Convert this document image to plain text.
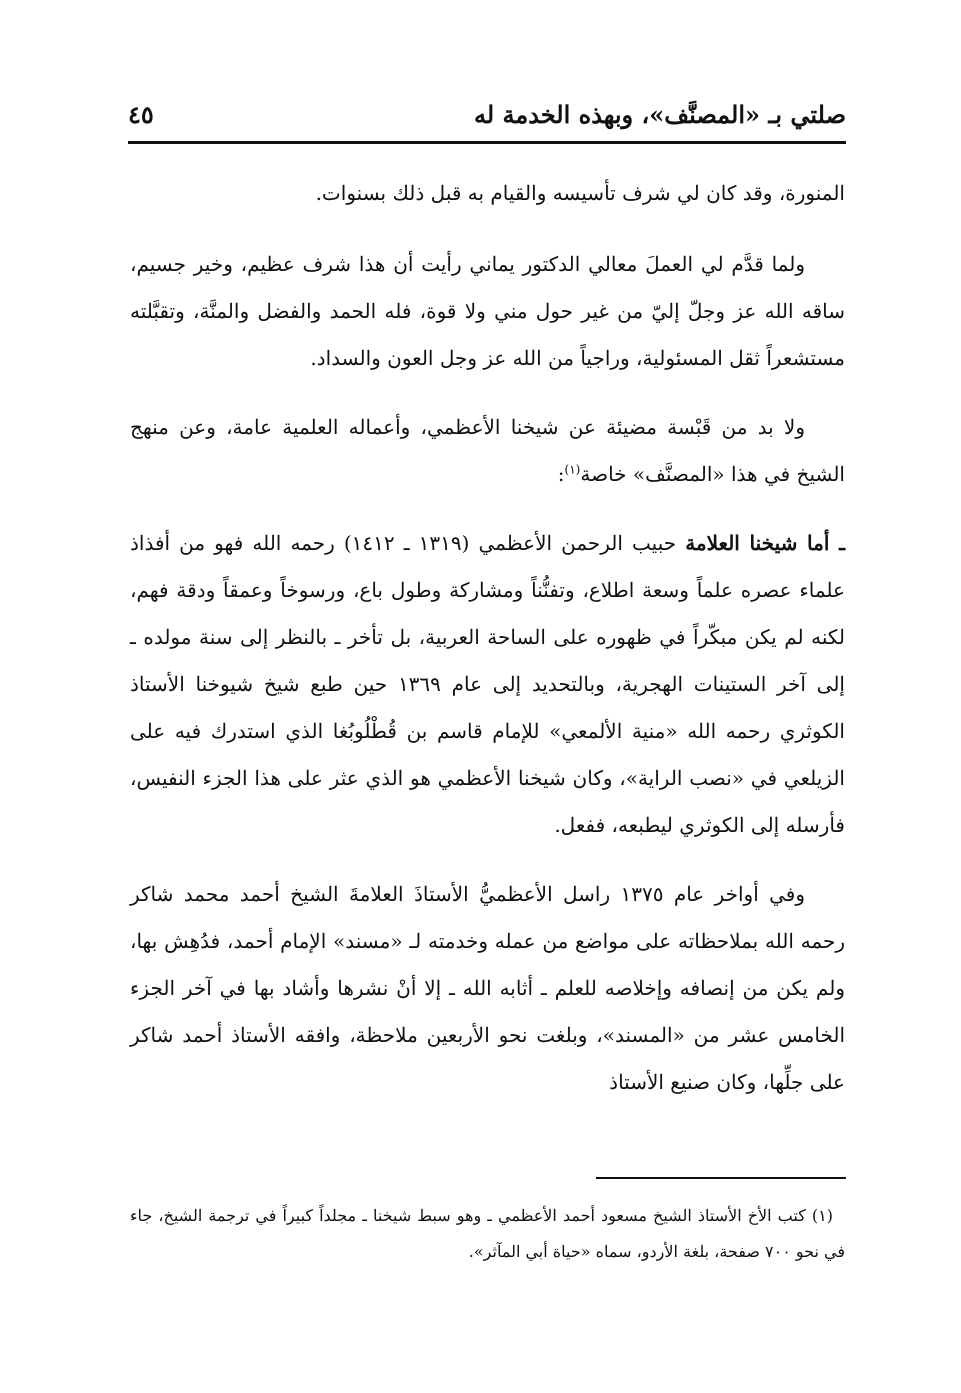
صلتي بـ «المصنَّف»، وبهذه الخدمة له
٤٥

المنورة، وقد كان لي شرف تأسيسه والقيام به قبل ذلك بسنوات.

ولما قدَّم لي العملَ معالي الدكتور يماني رأيت أن هذا شرف عظيم، وخير جسيم، ساقه الله عز وجلّ إليّ من غير حول مني ولا قوة، فله الحمد والفضل والمنَّة، وتقبَّلته مستشعراً ثقل المسئولية، وراجياً من الله عز وجل العون والسداد.

ولا بد من قَبْسة مضيئة عن شيخنا الأعظمي، وأعماله العلمية عامة، وعن منهج الشيخ في هذا «المصنَّف» خاصة$^{(١)}$:

ـ أما شيخنا العلامة حبيب الرحمن الأعظمي (١٣١٩ ـ ١٤١٢) رحمه الله فهو من أفذاذ علماء عصره علماً وسعة اطلاع، وتفنُّناً ومشاركة وطول باع، ورسوخاً وعمقاً ودقة فهم، لكنه لم يكن مبكّراً في ظهوره على الساحة العربية، بل تأخر ـ بالنظر إلى سنة مولده ـ إلى آخر الستينات الهجرية، وبالتحديد إلى عام ١٣٦٩ حين طبع شيخ شيوخنا الأستاذ الكوثري رحمه الله «منية الألمعي» للإمام قاسم بن قُطْلُوبُغا الذي استدرك فيه على الزيلعي في «نصب الراية»، وكان شيخنا الأعظمي هو الذي عثر على هذا الجزء النفيس، فأرسله إلى الكوثري ليطبعه، ففعل.

وفي أواخر عام ١٣٧٥ راسل الأعظميُّ الأستاذَ العلامةَ الشيخ أحمد محمد شاكر رحمه الله بملاحظاته على مواضع من عمله وخدمته لـ «مسند» الإمام أحمد، فدُهِش بها، ولم يكن من إنصافه وإخلاصه للعلم ـ أثابه الله ـ إلا أنْ نشرها وأشاد بها في آخر الجزء الخامس عشر من «المسند»، وبلغت نحو الأربعين ملاحظة، وافقه الأستاذ أحمد شاكر على جلِّها، وكان صنيع الأستاذ

(١) كتب الأخ الأستاذ الشيخ مسعود أحمد الأعظمي ـ وهو سبط شيخنا ـ مجلداً كبيراً في ترجمة الشيخ، جاء في نحو ٧٠٠ صفحة، بلغة الأردو، سماه «حياة أبي المآثر».
